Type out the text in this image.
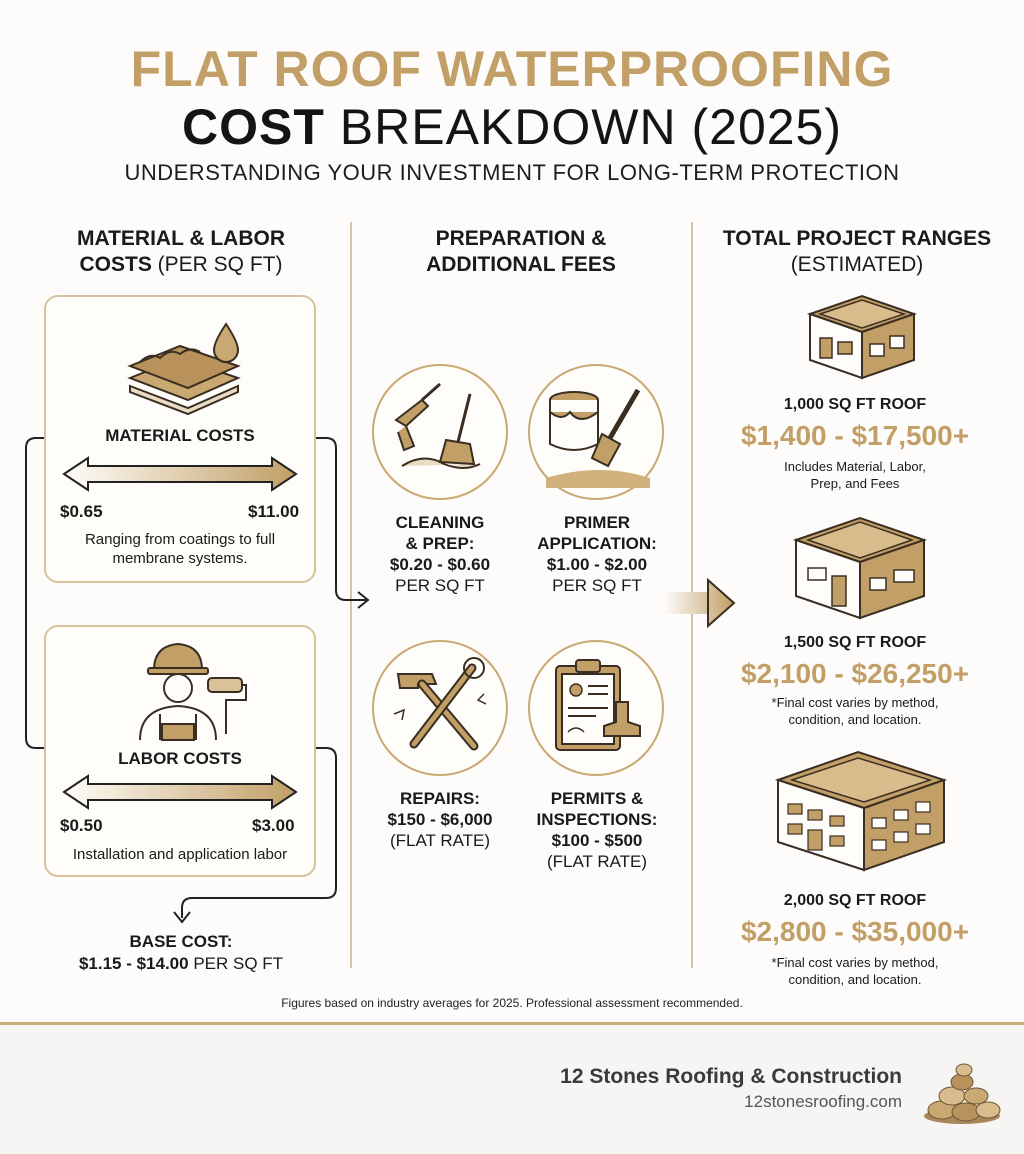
FLAT ROOF WATERPROOFING
COST BREAKDOWN (2025)
UNDERSTANDING YOUR INVESTMENT FOR LONG-TERM PROTECTION
MATERIAL & LABOR
COSTS (PER SQ FT)
MATERIAL COSTS
$0.65	$11.00
Ranging from coatings to full membrane systems.
LABOR COSTS
$0.50	$3.00
Installation and application labor
BASE COST:
$1.15 - $14.00 PER SQ FT
PREPARATION &
ADDITIONAL FEES
CLEANING
& PREP:
$0.20 - $0.60
PER SQ FT
PRIMER
APPLICATION:
$1.00 - $2.00
PER SQ FT
REPAIRS:
$150 - $6,000
(FLAT RATE)
PERMITS &
INSPECTIONS:
$100 - $500
(FLAT RATE)
TOTAL PROJECT RANGES
(ESTIMATED)
1,000 SQ FT ROOF
$1,400 - $17,500+
Includes Material, Labor,
Prep, and Fees
1,500 SQ FT ROOF
$2,100 - $26,250+
*Final cost varies by method,
condition, and location.
2,000 SQ FT ROOF
$2,800 - $35,000+
*Final cost varies by method,
condition, and location.
Figures based on industry averages for 2025. Professional assessment recommended.
12 Stones Roofing & Construction
12stonesroofing.com
